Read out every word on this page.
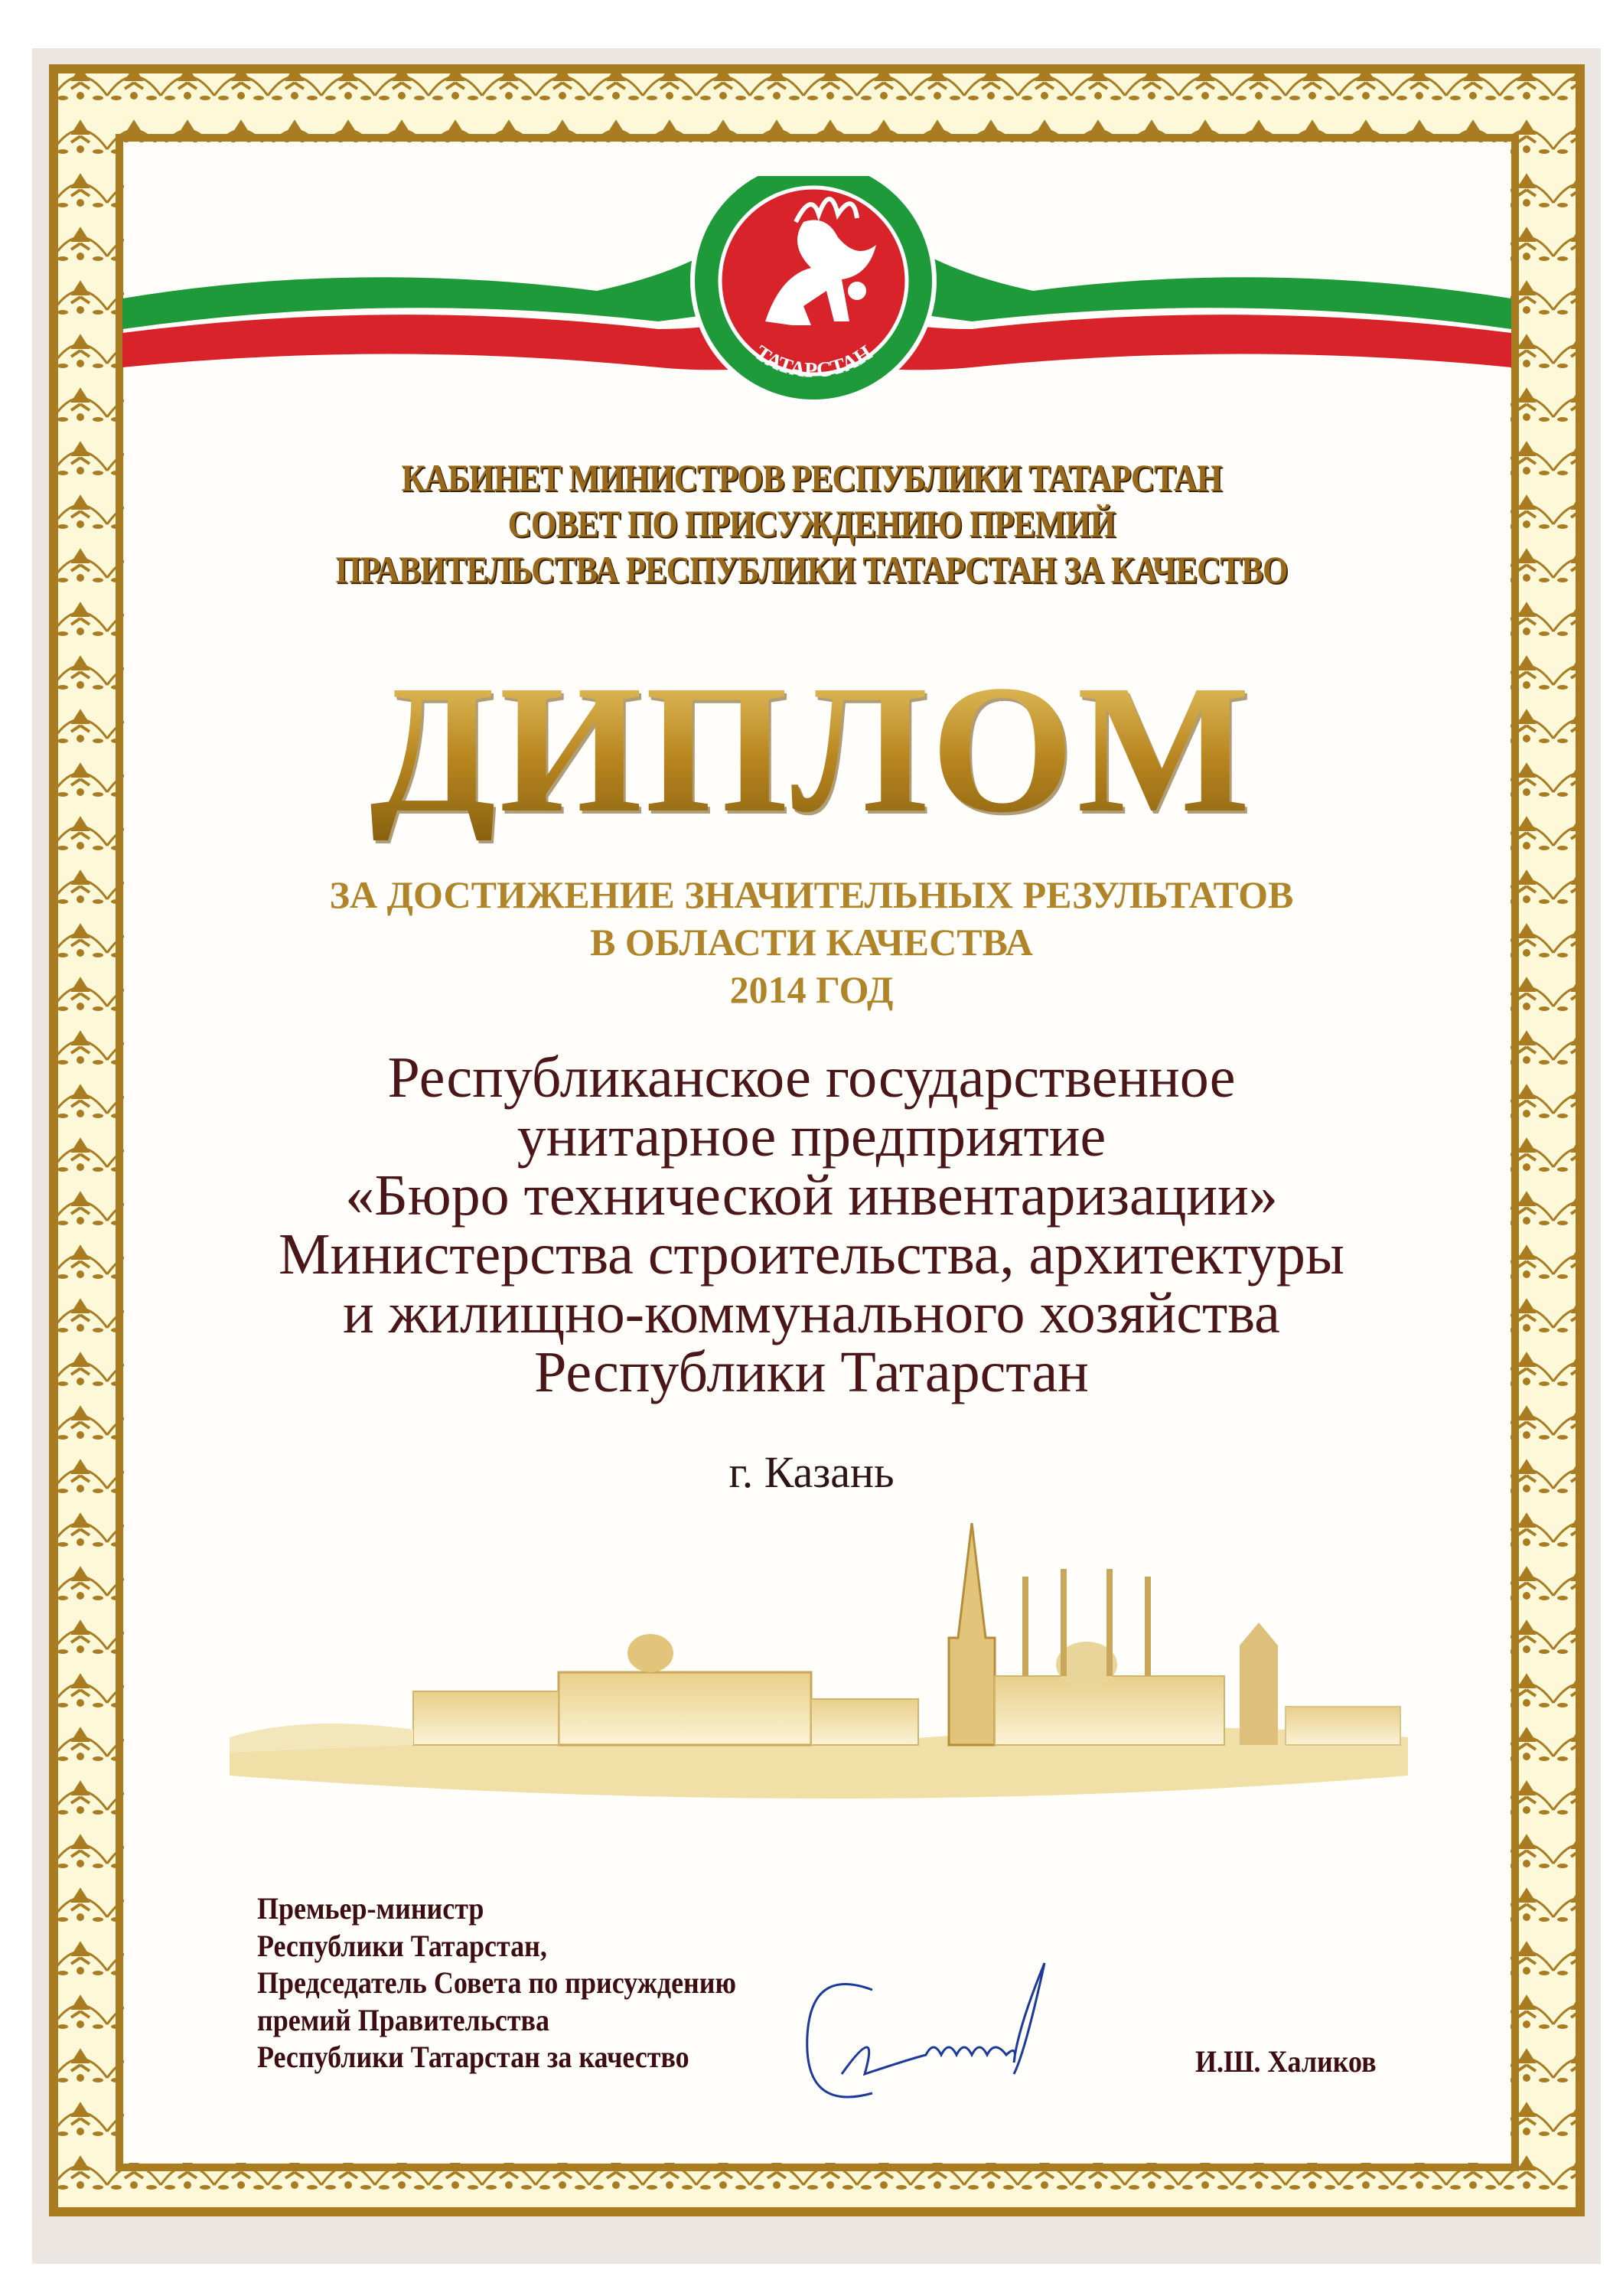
ТАТАРСТАН
КАБИНЕТ МИНИСТРОВ РЕСПУБЛИКИ ТАТАРСТАН
СОВЕТ ПО ПРИСУЖДЕНИЮ ПРЕМИЙ
ПРАВИТЕЛЬСТВА РЕСПУБЛИКИ ТАТАРСТАН ЗА КАЧЕСТВО
ДИПЛОМ
ЗА ДОСТИЖЕНИЕ ЗНАЧИТЕЛЬНЫХ РЕЗУЛЬТАТОВ
В ОБЛАСТИ КАЧЕСТВА
2014 ГОД
Республиканское государственное
унитарное предприятие
«Бюро технической инвентаризации»
Министерства строительства, архитектуры
и жилищно-коммунального хозяйства
Республики Татарстан
г. Казань
Премьер-министр
Республики Татарстан,
Председатель Совета по присуждению
премий Правительства
Республики Татарстан за качество	И.Ш. Халиков
